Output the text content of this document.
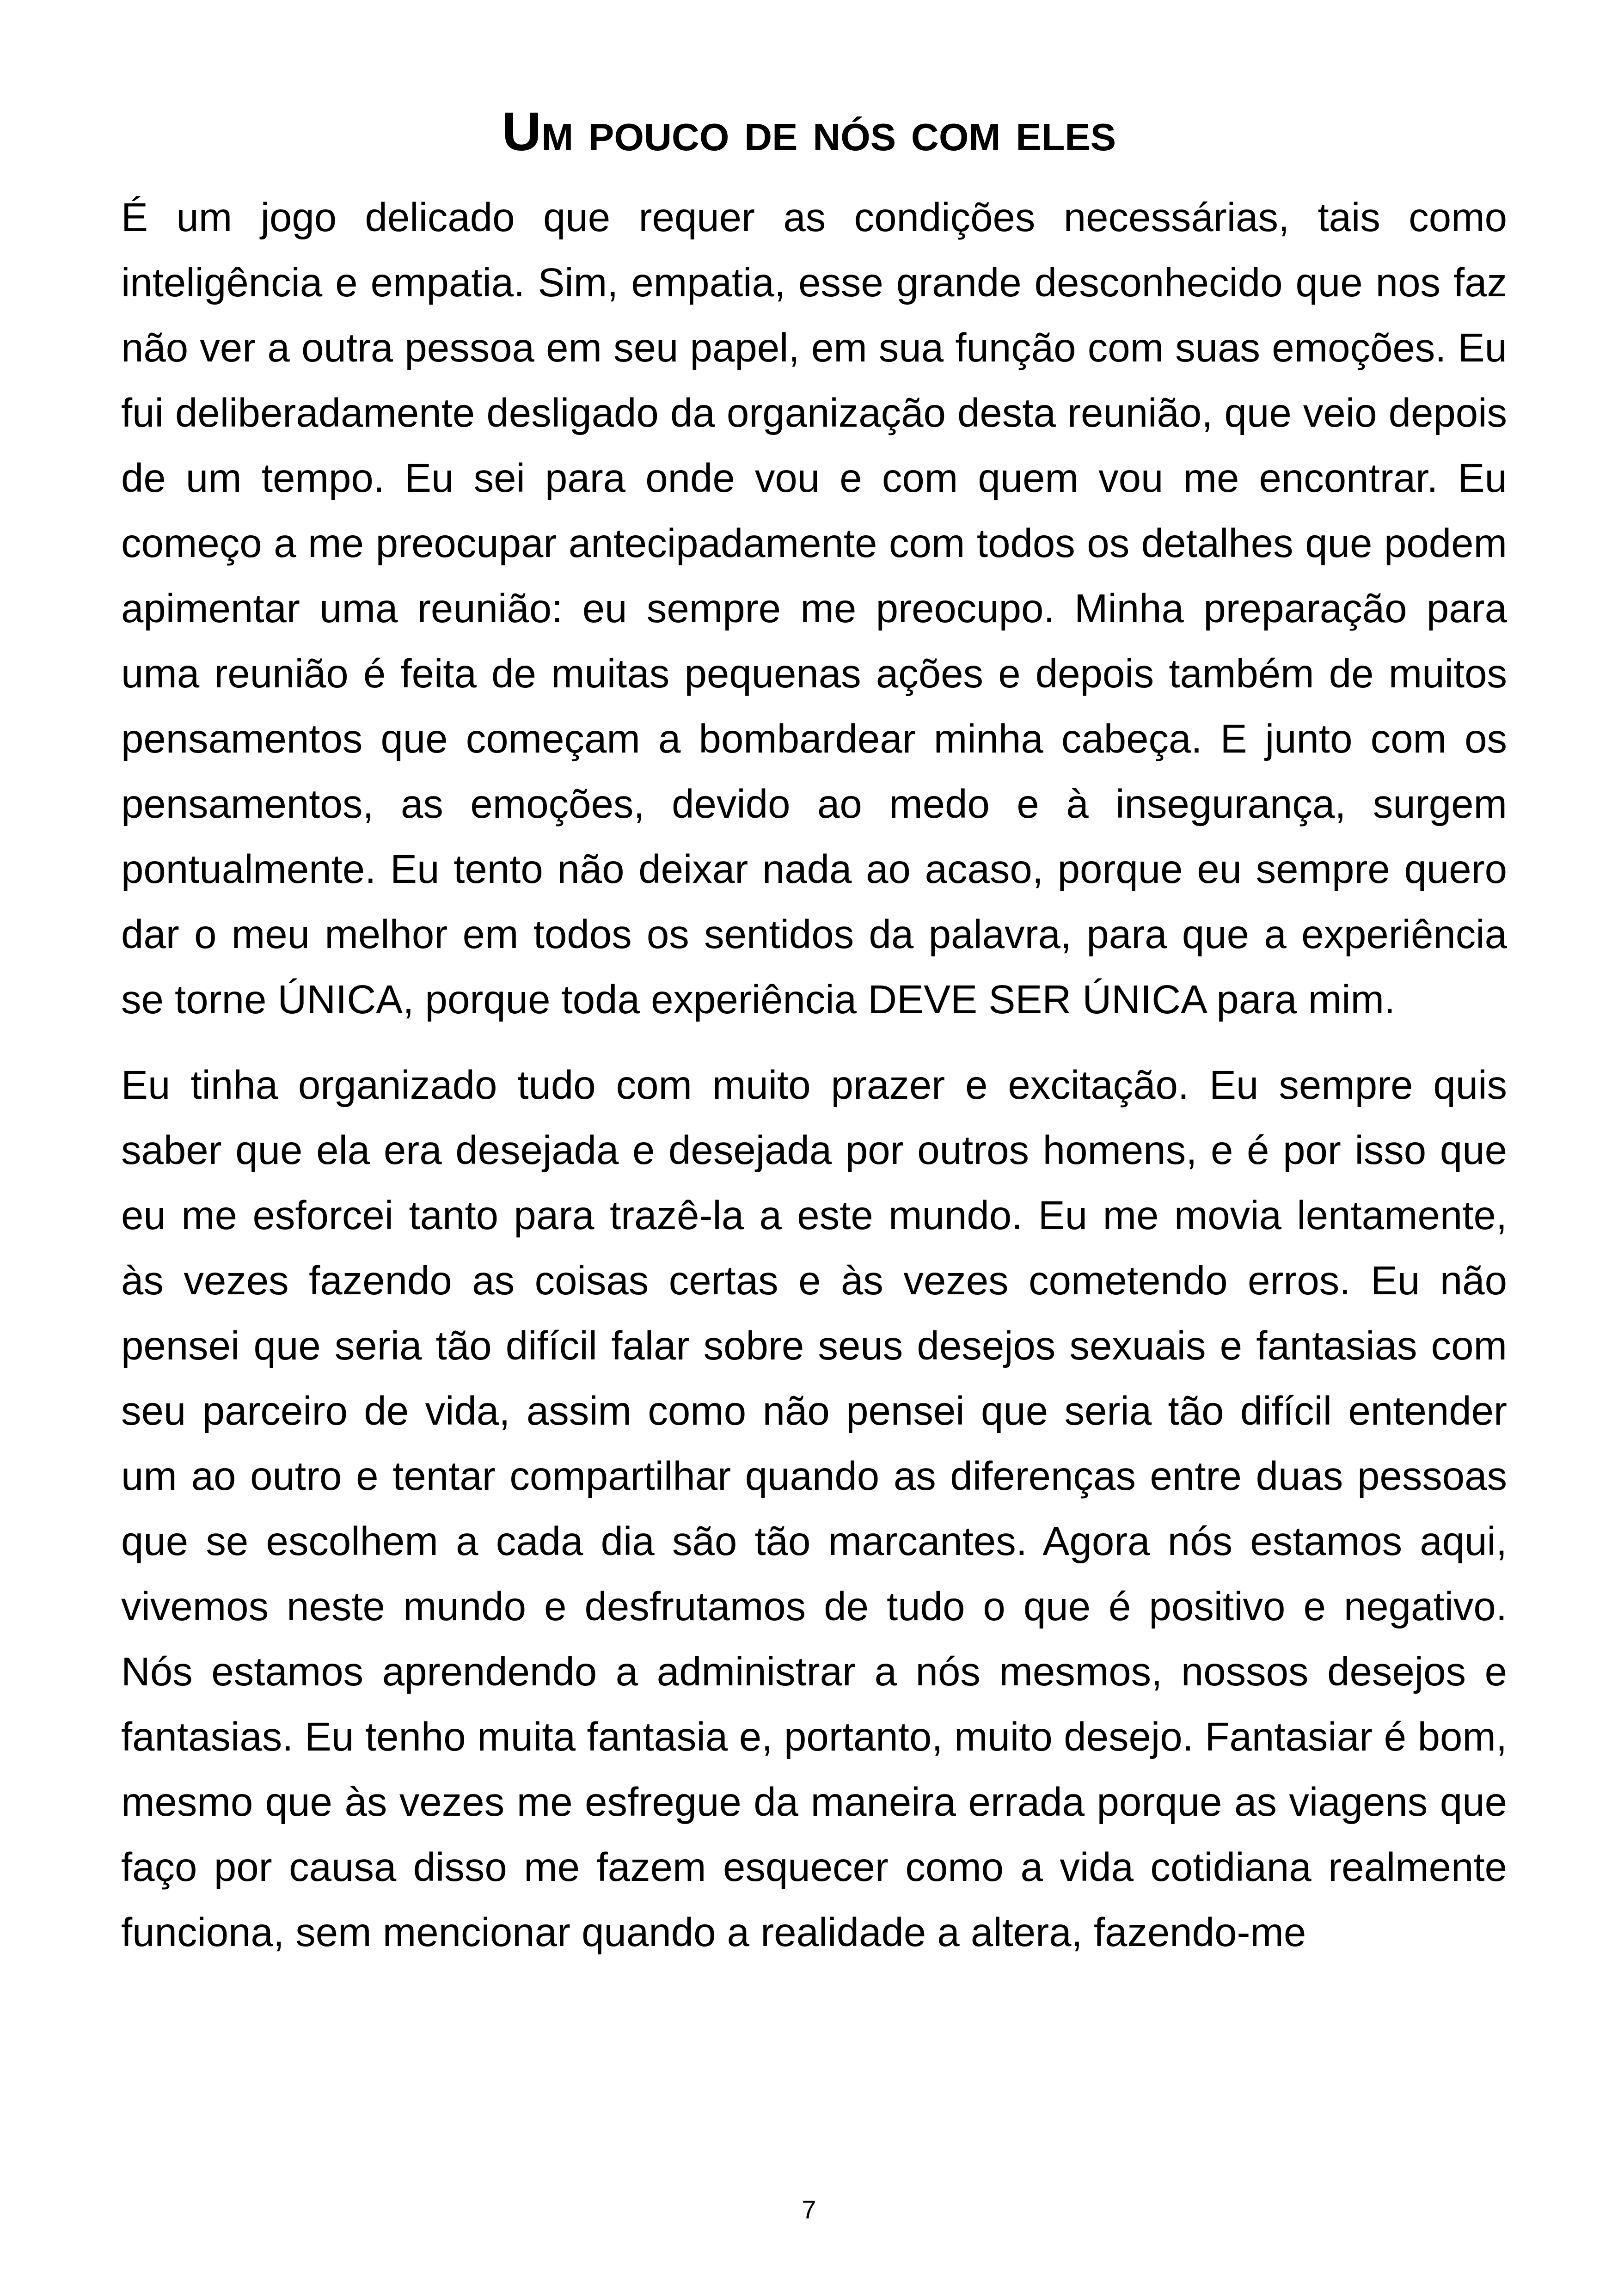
Um pouco de nós com eles

É um jogo delicado que requer as condições necessárias, tais como inteligência e empatia. Sim, empatia, esse grande desconhecido que nos faz não ver a outra pessoa em seu papel, em sua função com suas emoções. Eu fui deliberadamente desligado da organização desta reunião, que veio depois de um tempo. Eu sei para onde vou e com quem vou me encontrar. Eu começo a me preocupar antecipadamente com todos os detalhes que podem apimentar uma reunião: eu sempre me preocupo. Minha preparação para uma reunião é feita de muitas pequenas ações e depois também de muitos pensamentos que começam a bombardear minha cabeça. E junto com os pensamentos, as emoções, devido ao medo e à insegurança, surgem pontualmente. Eu tento não deixar nada ao acaso, porque eu sempre quero dar o meu melhor em todos os sentidos da palavra, para que a experiência se torne ÚNICA, porque toda experiência DEVE SER ÚNICA para mim.

Eu tinha organizado tudo com muito prazer e excitação. Eu sempre quis saber que ela era desejada e desejada por outros homens, e é por isso que eu me esforcei tanto para trazê-la a este mundo. Eu me movia lentamente, às vezes fazendo as coisas certas e às vezes cometendo erros. Eu não pensei que seria tão difícil falar sobre seus desejos sexuais e fantasias com seu parceiro de vida, assim como não pensei que seria tão difícil entender um ao outro e tentar compartilhar quando as diferenças entre duas pessoas que se escolhem a cada dia são tão marcantes. Agora nós estamos aqui, vivemos neste mundo e desfrutamos de tudo o que é positivo e negativo. Nós estamos aprendendo a administrar a nós mesmos, nossos desejos e fantasias. Eu tenho muita fantasia e, portanto, muito desejo. Fantasiar é bom, mesmo que às vezes me esfregue da maneira errada porque as viagens que faço por causa disso me fazem esquecer como a vida cotidiana realmente funciona, sem mencionar quando a realidade a altera, fazendo-me

7
